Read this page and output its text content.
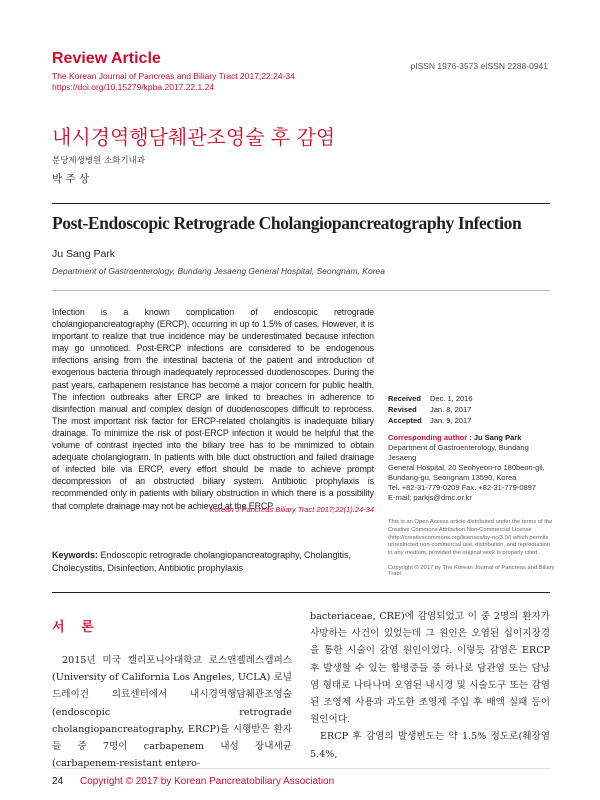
Review Article
The Korean Journal of Pancreas and Biliary Tract 2017;22:24-34
https://doi.org/10.15279/kpba.2017.22.1.24
pISSN 1976-3573 eISSN 2288-0941
내시경역행담췌관조영술 후 감염
분당제생병원 소화기내과
박 주 상
Post-Endoscopic Retrograde Cholangiopancreatography Infection
Ju Sang Park
Department of Gastroenterology, Bundang Jesaeng General Hospital, Seongnam, Korea
Infection is a known complication of endoscopic retrograde cholangiopancreatography (ERCP), occurring in up to 1.5% of cases. However, it is important to realize that true incidence may be underestimated because infection may go unnoticed. Post-ERCP infections are considered to be endogenous infections arising from the intestinal bacteria of the patient and introduction of exogenous bacteria through inadequately reprocessed duodenoscopes. During the past years, carbapenem resistance has become a major concern for public health. The infection outbreaks after ERCP are linked to breaches in adherence to disinfection manual and complex design of duodenoscopes difficult to reprocess. The most important risk factor for ERCP-related cholangitis is inadequate biliary drainage. To minimize the risk of post-ERCP infection it would be helpful that the volume of contrast injected into the biliary tree has to be minimized to obtain adequate cholangiogram. In patients with bile duct obstruction and failed drainage of infected bile via ERCP, every effort should be made to achieve prompt decompression of an obstructed biliary system. Antibiotic prophylaxis is recommended only in patients with biliary obstruction in which there is a possibility that complete drainage may not be achieved at the ERCP.
Korean J Pancreas Biliary Tract 2017;22(1):24-34
Received	Dec. 1, 2016
Revised	Jan. 8, 2017
Accepted	Jan. 9, 2017
Corresponding author : Ju Sang Park
Department of Gastroenterology, Bundang Jesaeng
General Hospital, 20 Seohyeon-ro 180beon-gil,
Bundang-gu, Seongnam 13590, Korea
Tel. +82-31-779-0209 Fax. +82-31-779-0897
E-mail; parkjs@dmc.or.kr
This is an Open Access article distributed under the terms of the Creative Commons Attribution Non-Commercial License (http://creativecommons.org/licenses/by-nc/3.0/) which permits unrestricted non-commercial use, distribution, and reproduction in any medium, provided the original work is properly cited.
Copyright © 2017 by The Korean Journal of Pancreas and Biliary Tract
Keywords: Endoscopic retrograde cholangiopancreatography, Cholangitis, Cholecystitis, Disinfection, Antibiotic prophylaxis
서 론
2015년 미국 캘리포니아대학교 로스앤젤레스캠퍼스(University of California Los Angeles, UCLA) 로널드레이건 의료센터에서 내시경역행담췌관조영술(endoscopic retrograde cholangiopancreatography, ERCP)을 시행받은 환자들 중 7명이 carbapenem 내성 장내세균(carbapenem-resistant entero-
bacteriaceae, CRE)에 감염되었고 이 중 2명의 환자가 사망하는 사건이 있었는데 그 원인은 오염된 십이지장경을 통한 시술이 감염 원인이었다. 이렇듯 감염은 ERCP 후 발생할 수 있는 합병증들 중 하나로 담관염 또는 담낭염 형태로 나타나며 오염된 내시경 및 시술도구 또는 감염된 조영제 사용과 과도한 조영제 주입 후 배액 실패 등이 원인이다.
ERCP 후 감염의 발생빈도는 약 1.5% 정도로(췌장염 5.4%,
24 Copyright © 2017 by Korean Pancreatobiliary Association
